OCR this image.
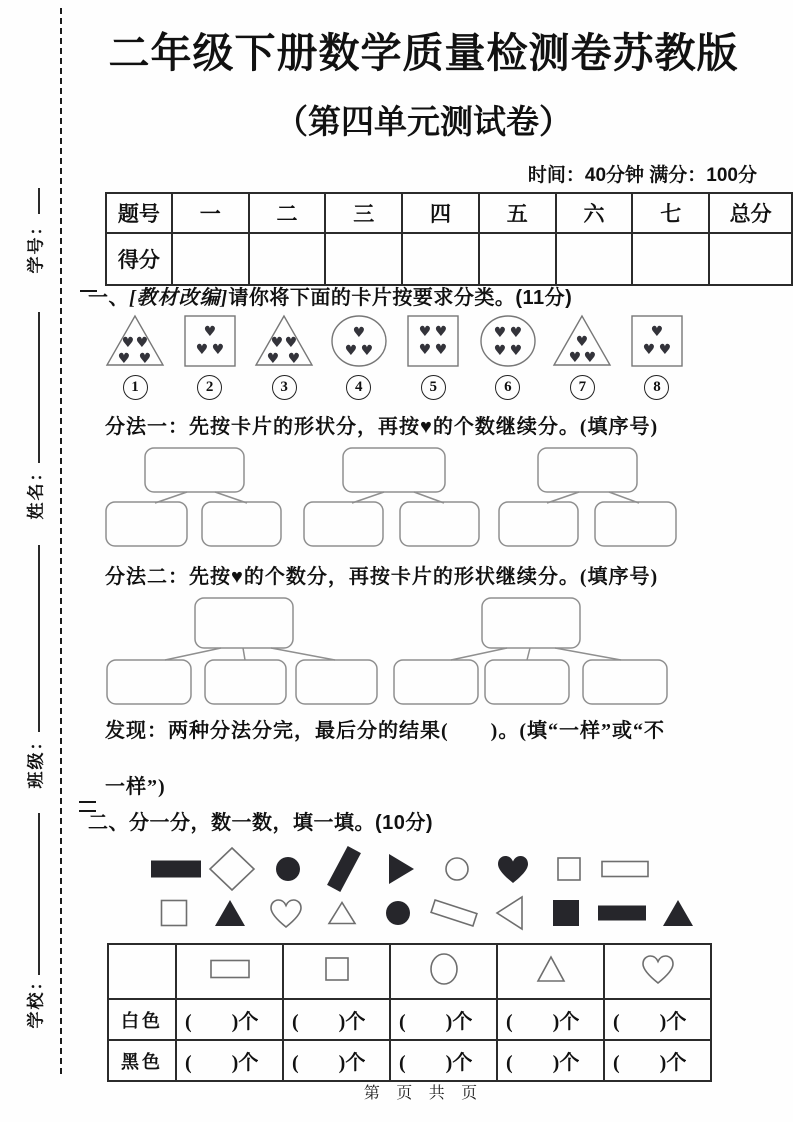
学号：
姓名：
班级：
学校：
二年级下册数学质量检测卷苏教版
（第四单元测试卷）
时间：40分钟 满分：100分
题号	一	二	三	四	五	六	七	总分
得分								
一、[教材改编]请你将下面的卡片按要求分类。(11分)
♥ ♥
♥ ♥
1
♥
♥ ♥
2
♥ ♥
♥ ♥
3
♥
♥ ♥
4
♥ ♥
♥ ♥
5
♥ ♥
♥ ♥
6
♥
♥ ♥
7
♥
♥ ♥
8
分法一：先按卡片的形状分，再按♥的个数继续分。(填序号)
分法二：先按♥的个数分，再按卡片的形状继续分。(填序号)
发现：两种分法分完，最后分的结果(　　)。(填“一样”或“不
一样”)
二、分一分，数一数，填一填。(10分)

白色	(　　)个	(　　)个	(　　)个	(　　)个	(　　)个
黑色	(　　)个	(　　)个	(　　)个	(　　)个	(　　)个
第 页 共 页
